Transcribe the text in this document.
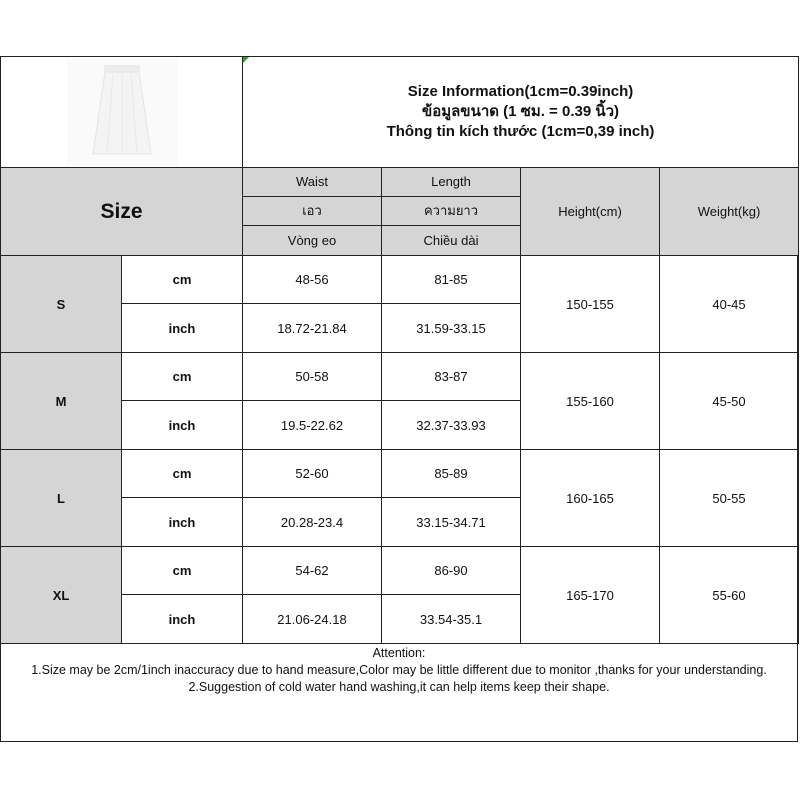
Size Information(1cm=0.39inch)
ข้อมูลขนาด (1 ซม. = 0.39 นิ้ว)
Thông tin kích thước (1cm=0,39 inch)			

Size		Waist	Length	Height(cm)	Weight(kg)
		เอว	ความยาว		
		Vòng eo	Chiều dài		
S	cm	48-56	81-85	150-155	40-45
	inch	18.72-21.84	31.59-33.15		
M	cm	50-58	83-87	155-160	45-50
	inch	19.5-22.62	32.37-33.93		
L	cm	52-60	85-89	160-165	50-55
	inch	20.28-23.4	33.15-34.71		
XL	cm	54-62	86-90	165-170	55-60
	inch	21.06-24.18	33.54-35.1		
Attention:
1.Size may be 2cm/1inch inaccuracy due to hand measure,Color may be little different due to monitor ,thanks for your understanding.
2.Suggestion of cold water hand washing,it can help items keep their shape.
